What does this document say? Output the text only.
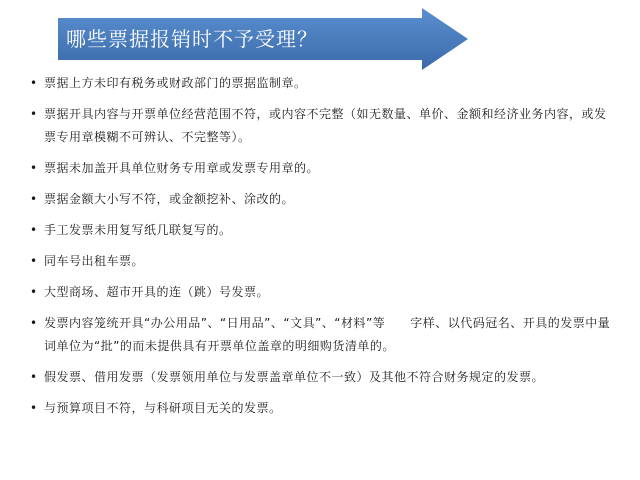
哪些票据报销时不予受理？
• 票据上方未印有税务或财政部门的票据监制章。
• 票据开具内容与开票单位经营范围不符，或内容不完整（如无数量、单价、金额和经济业务内容，或发票专用章模糊不可辨认、不完整等）。
• 票据未加盖开具单位财务专用章或发票专用章的。
• 票据金额大小写不符，或金额挖补、涂改的。
• 手工发票未用复写纸几联复写的。
• 同车号出租车票。
• 大型商场、超市开具的连（跳）号发票。
• 发票内容笼统开具“办公用品”、“日用品”、“文具”、“材料”等　　字样、以代码冠名、开具的发票中量词单位为“批”的而未提供具有开票单位盖章的明细购货清单的。
• 假发票、借用发票（发票领用单位与发票盖章单位不一致）及其他不符合财务规定的发票。
• 与预算项目不符，与科研项目无关的发票。
